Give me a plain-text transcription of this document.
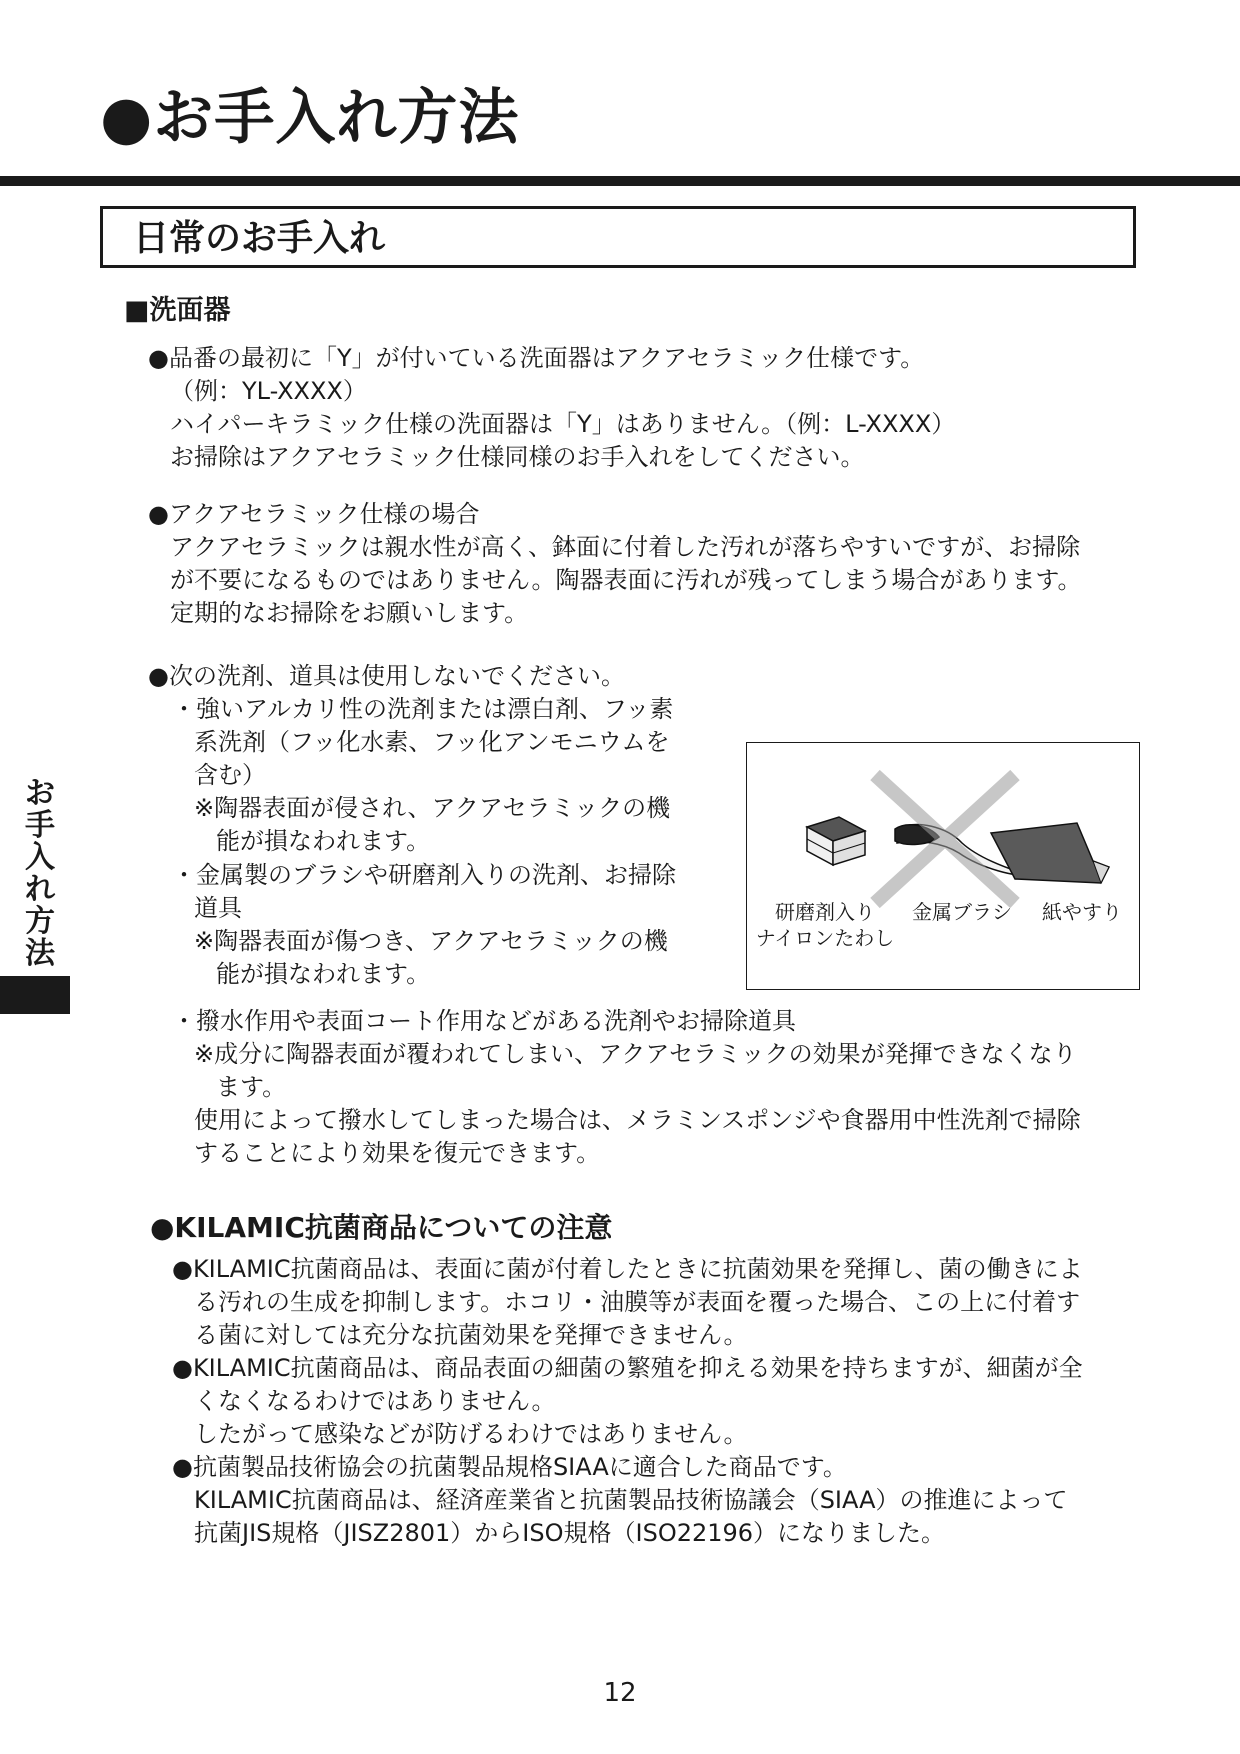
●お手入れ方法
日常のお手入れ
お手入れ方法
■洗面器

●品番の最初に「Y」が付いている洗面器はアクアセラミック仕様です。

（例：YL-XXXX）

ハイパーキラミック仕様の洗面器は「Y」はありません。（例：L-XXXX）

お掃除はアクアセラミック仕様同様のお手入れをしてください。

●アクアセラミック仕様の場合

アクアセラミックは親水性が高く、鉢面に付着した汚れが落ちやすいですが、お掃除

が不要になるものではありません。陶器表面に汚れが残ってしまう場合があります。

定期的なお掃除をお願いします。

●次の洗剤、道具は使用しないでください。

・強いアルカリ性の洗剤または漂白剤、フッ素

系洗剤（フッ化水素、フッ化アンモニウムを

含む）

※陶器表面が侵され、アクアセラミックの機

能が損なわれます。

・金属製のブラシや研磨剤入りの洗剤、お掃除

道具

※陶器表面が傷つき、アクアセラミックの機

能が損なわれます。

研磨剤入り
ナイロンたわし
金属ブラシ	紙やすり

・撥水作用や表面コート作用などがある洗剤やお掃除道具

※成分に陶器表面が覆われてしまい、アクアセラミックの効果が発揮できなくなり

ます。

使用によって撥水してしまった場合は、メラミンスポンジや食器用中性洗剤で掃除

することにより効果を復元できます。

●KILAMIC抗菌商品についての注意

●KILAMIC抗菌商品は、表面に菌が付着したときに抗菌効果を発揮し、菌の働きによ

る汚れの生成を抑制します。ホコリ・油膜等が表面を覆った場合、この上に付着す

る菌に対しては充分な抗菌効果を発揮できません。

●KILAMIC抗菌商品は、商品表面の細菌の繁殖を抑える効果を持ちますが、細菌が全

くなくなるわけではありません。

したがって感染などが防げるわけではありません。

●抗菌製品技術協会の抗菌製品規格SIAAに適合した商品です。

KILAMIC抗菌商品は、経済産業省と抗菌製品技術協議会（SIAA）の推進によって

抗菌JIS規格（JISZ2801）からISO規格（ISO22196）になりました。

12
